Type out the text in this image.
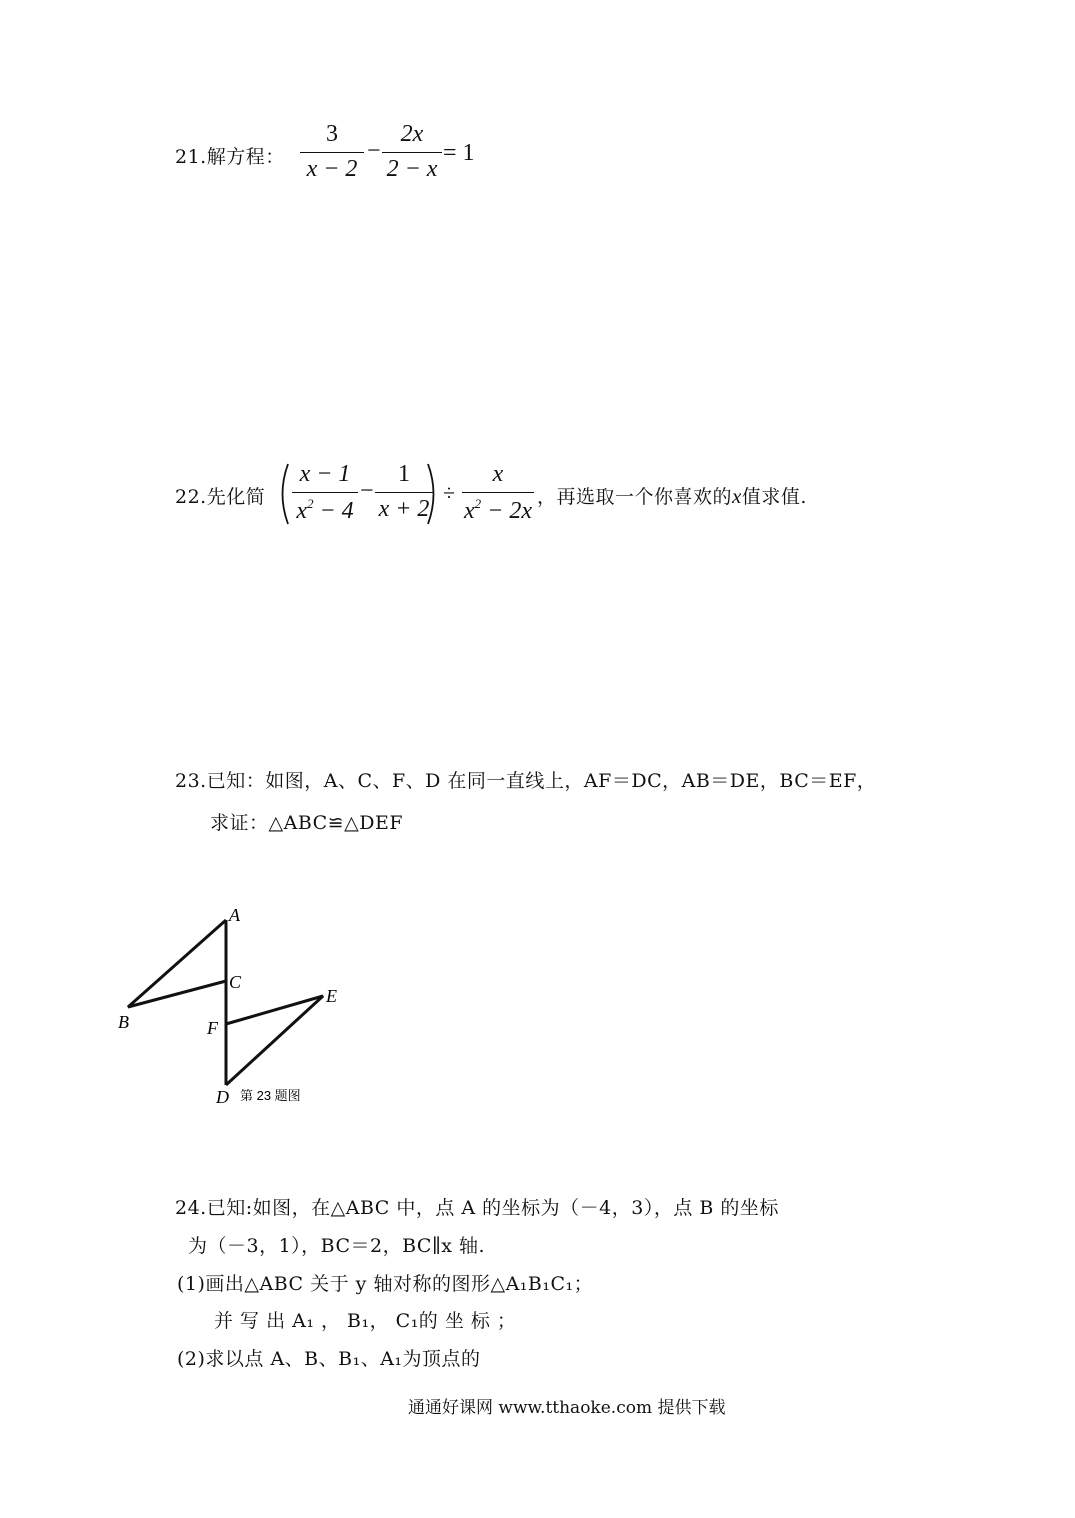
21.解方程：
3
x − 2
−
2x
2 − x
= 1
22.先化简
x − 1
$x^2 - 4$
−
1
x + 2
÷
x
$x^2 - 2x$
，再选取一个你喜欢的x值求值.
23.已知：如图，A、C、F、D 在同一直线上，AF＝DC，AB＝DE，BC＝EF，
求证：△ABC≌△DEF
A
B
C
E
F
D 第 23 题图
24.已知:如图，在△ABC 中，点 A 的坐标为（－4，3），点 B 的坐标
为（－3，1），BC＝2，BC∥x 轴.
(1)画出△ABC 关于 y 轴对称的图形△A₁B₁C₁；
并 写 出 A₁ ， B₁， C₁的 坐 标 ；
(2)求以点 A、B、B₁、A₁为顶点的
通通好课网 www.tthaoke.com 提供下载
